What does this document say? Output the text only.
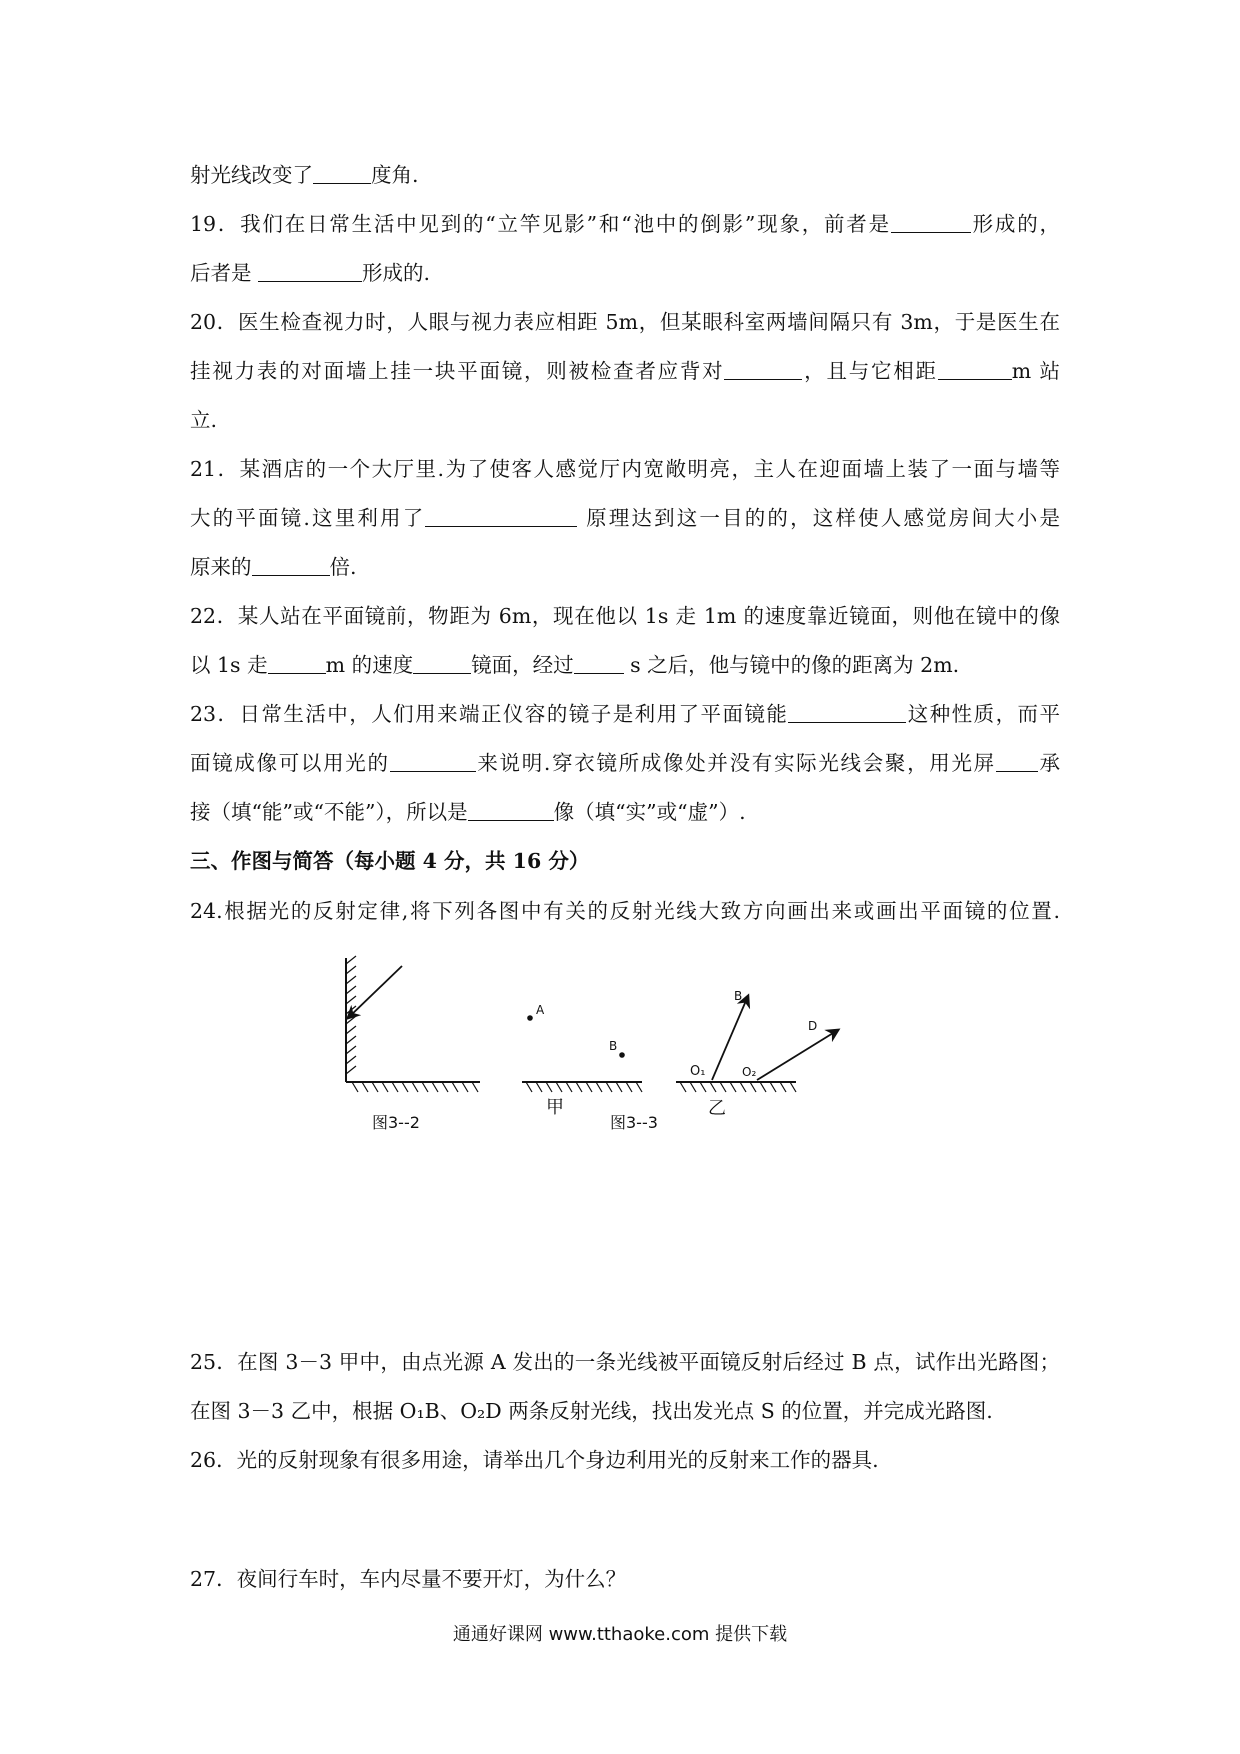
射光线改变了	度角.
19．我们在日常生活中见到的“立竿见影”和“池中的倒影”现象，前者是	形成的，
后者是	形成的.
20．医生检查视力时，人眼与视力表应相距 5m，但某眼科室两墙间隔只有 3m，于是医生在
挂视力表的对面墙上挂一块平面镜，则被检查者应背对	，且与它相距	m 站
立.
21．某酒店的一个大厅里.为了使客人感觉厅内宽敞明亮，主人在迎面墙上装了一面与墙等
大的平面镜.这里利用了	原理达到这一目的的，这样使人感觉房间大小是
原来的	倍.
22．某人站在平面镜前，物距为 6m，现在他以 1s 走 1m 的速度靠近镜面，则他在镜中的像
以 1s 走	m 的速度	镜面，经过	s 之后，他与镜中的像的距离为 2m.
23．日常生活中，人们用来端正仪容的镜子是利用了平面镜能	这种性质，而平
面镜成像可以用光的	来说明.穿衣镜所成像处并没有实际光线会聚，用光屏 承
接（填“能”或“不能”），所以是	像（填“实”或“虚”）.
三、作图与简答（每小题 4 分，共 16 分）
24.根据光的反射定律,将下列各图中有关的反射光线大致方向画出来或画出平面镜的位置.
图3--2
A
B
甲
图3--3
B
D
O₁	O₂
乙
25．在图 3－3 甲中，由点光源 A 发出的一条光线被平面镜反射后经过 B 点，试作出光路图；
在图 3－3 乙中，根据 O₁B、O₂D 两条反射光线，找出发光点 S 的位置，并完成光路图.
26．光的反射现象有很多用途，请举出几个身边利用光的反射来工作的器具.
27．夜间行车时，车内尽量不要开灯，为什么？
通通好课网 www.tthaoke.com 提供下载
